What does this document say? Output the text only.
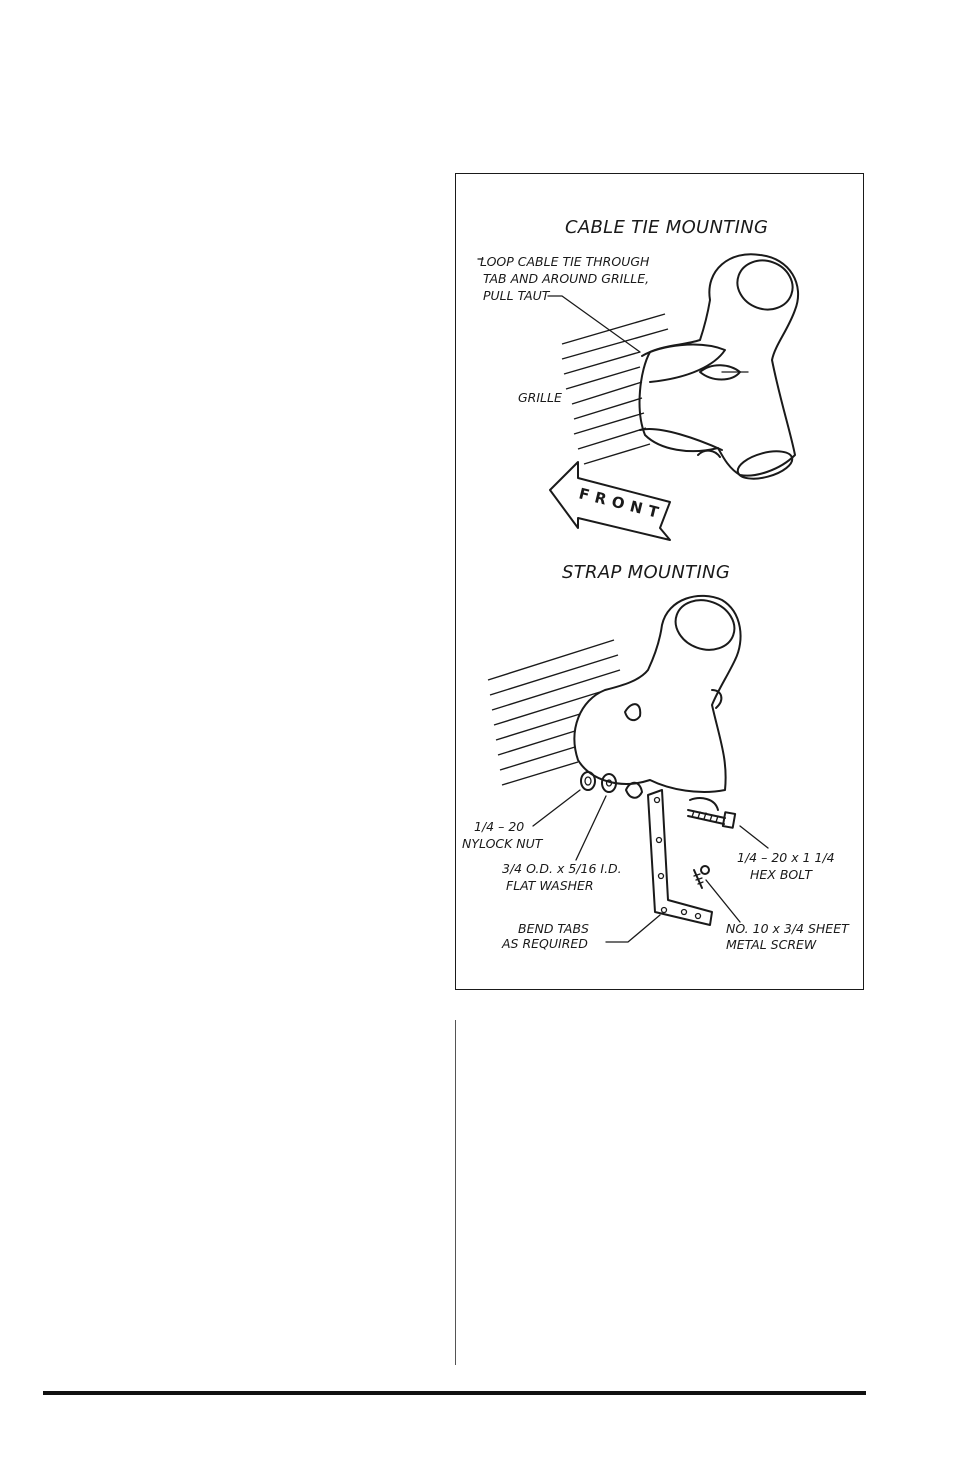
CABLE TIE MOUNTING
LOOP CABLE TIE THROUGH
TAB AND AROUND GRILLE,
PULL TAUT
GRILLE
FRONT
STRAP MOUNTING
1/4 – 20
NYLOCK NUT
3/4 O.D. x 5/16 I.D.
FLAT WASHER
1/4 – 20 x 1 1/4
HEX BOLT
BEND TABS
AS REQUIRED
NO. 10 x 3/4 SHEET
METAL SCREW
